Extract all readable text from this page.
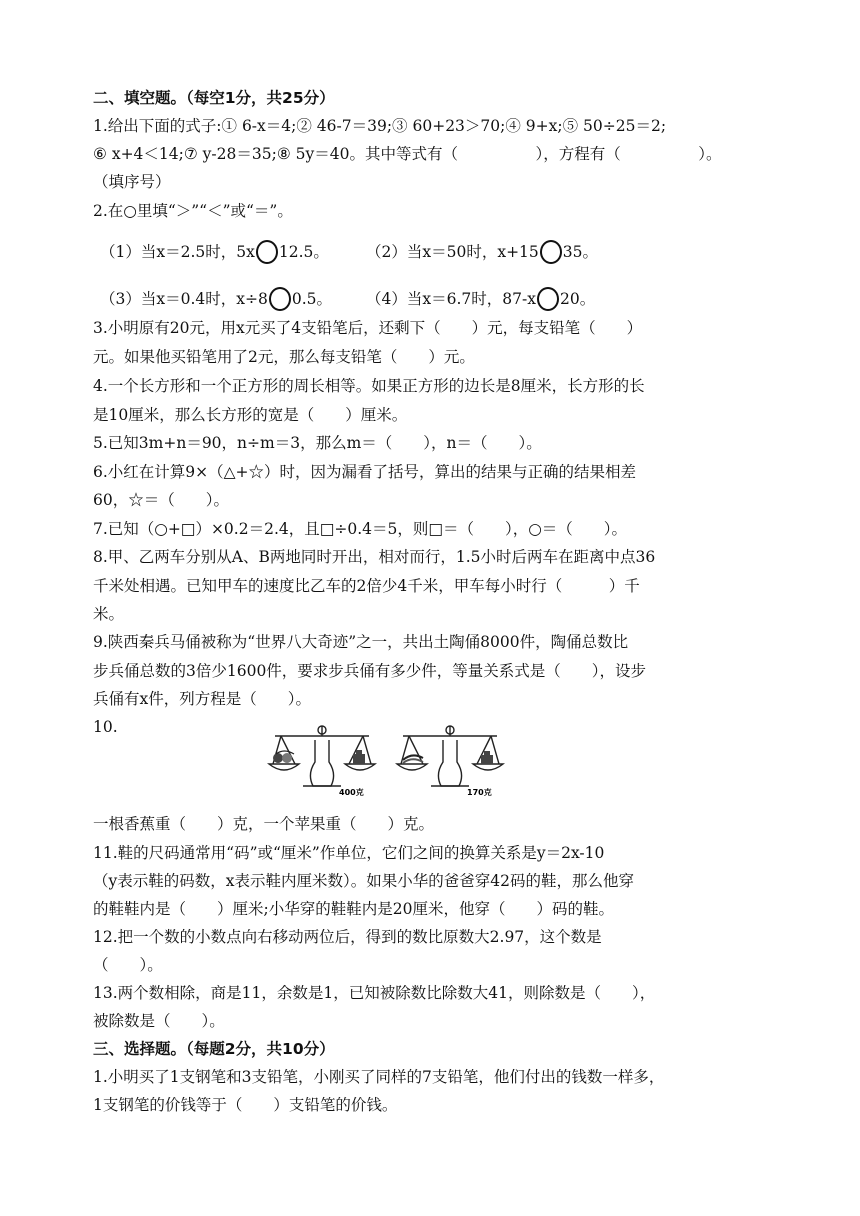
二、填空题。（每空1分，共25分）
1.给出下面的式子:① 6-x＝4;② 46-7＝39;③ 60+23＞70;④ 9+x;⑤ 50÷25＝2;
⑥ x+4＜14;⑦ y-28＝35;⑧ 5y＝40。其中等式有（　　　　　），方程有（　　　　　）。
（填序号）
2.在○里填“＞”“＜”或“＝”。
（1）当x＝2.5时，5x 12.5。 （2）当x＝50时，x+15 35。
（3）当x＝0.4时，x÷8 0.5。 （4）当x＝6.7时，87-x 20。
3.小明原有20元，用x元买了4支铅笔后，还剩下（　　）元，每支铅笔（　　）
元。如果他买铅笔用了2元，那么每支铅笔（　　）元。
4.一个长方形和一个正方形的周长相等。如果正方形的边长是8厘米，长方形的长
是10厘米，那么长方形的宽是（　　）厘米。
5.已知3m+n＝90，n÷m＝3，那么m＝（　　），n＝（　　）。
6.小红在计算9×（△+☆）时，因为漏看了括号，算出的结果与正确的结果相差
60，☆＝（　　）。
7.已知（○+□）×0.2＝2.4，且□÷0.4＝5，则□＝（　　），○＝（　　）。
8.甲、乙两车分别从A、B两地同时开出，相对而行，1.5小时后两车在距离中点36
千米处相遇。已知甲车的速度比乙车的2倍少4千米，甲车每小时行（　　　）千
米。
9.陕西秦兵马俑被称为“世界八大奇迹”之一，共出土陶俑8000件，陶俑总数比
步兵俑总数的3倍少1600件，要求步兵俑有多少件，等量关系式是（　　），设步
兵俑有x件，列方程是（　　）。
10.
400克	170克
一根香蕉重（　　）克，一个苹果重（　　）克。
11.鞋的尺码通常用“码”或“厘米”作单位，它们之间的换算关系是y＝2x-10
（y表示鞋的码数，x表示鞋内厘米数）。如果小华的爸爸穿42码的鞋，那么他穿
的鞋鞋内是（　　）厘米;小华穿的鞋鞋内是20厘米，他穿（　　）码的鞋。
12.把一个数的小数点向右移动两位后，得到的数比原数大2.97，这个数是
（　　）。
13.两个数相除，商是11，余数是1，已知被除数比除数大41，则除数是（　　），
被除数是（　　）。
三、选择题。（每题2分，共10分）
1.小明买了1支钢笔和3支铅笔，小刚买了同样的7支铅笔，他们付出的钱数一样多，
1支钢笔的价钱等于（　　）支铅笔的价钱。
